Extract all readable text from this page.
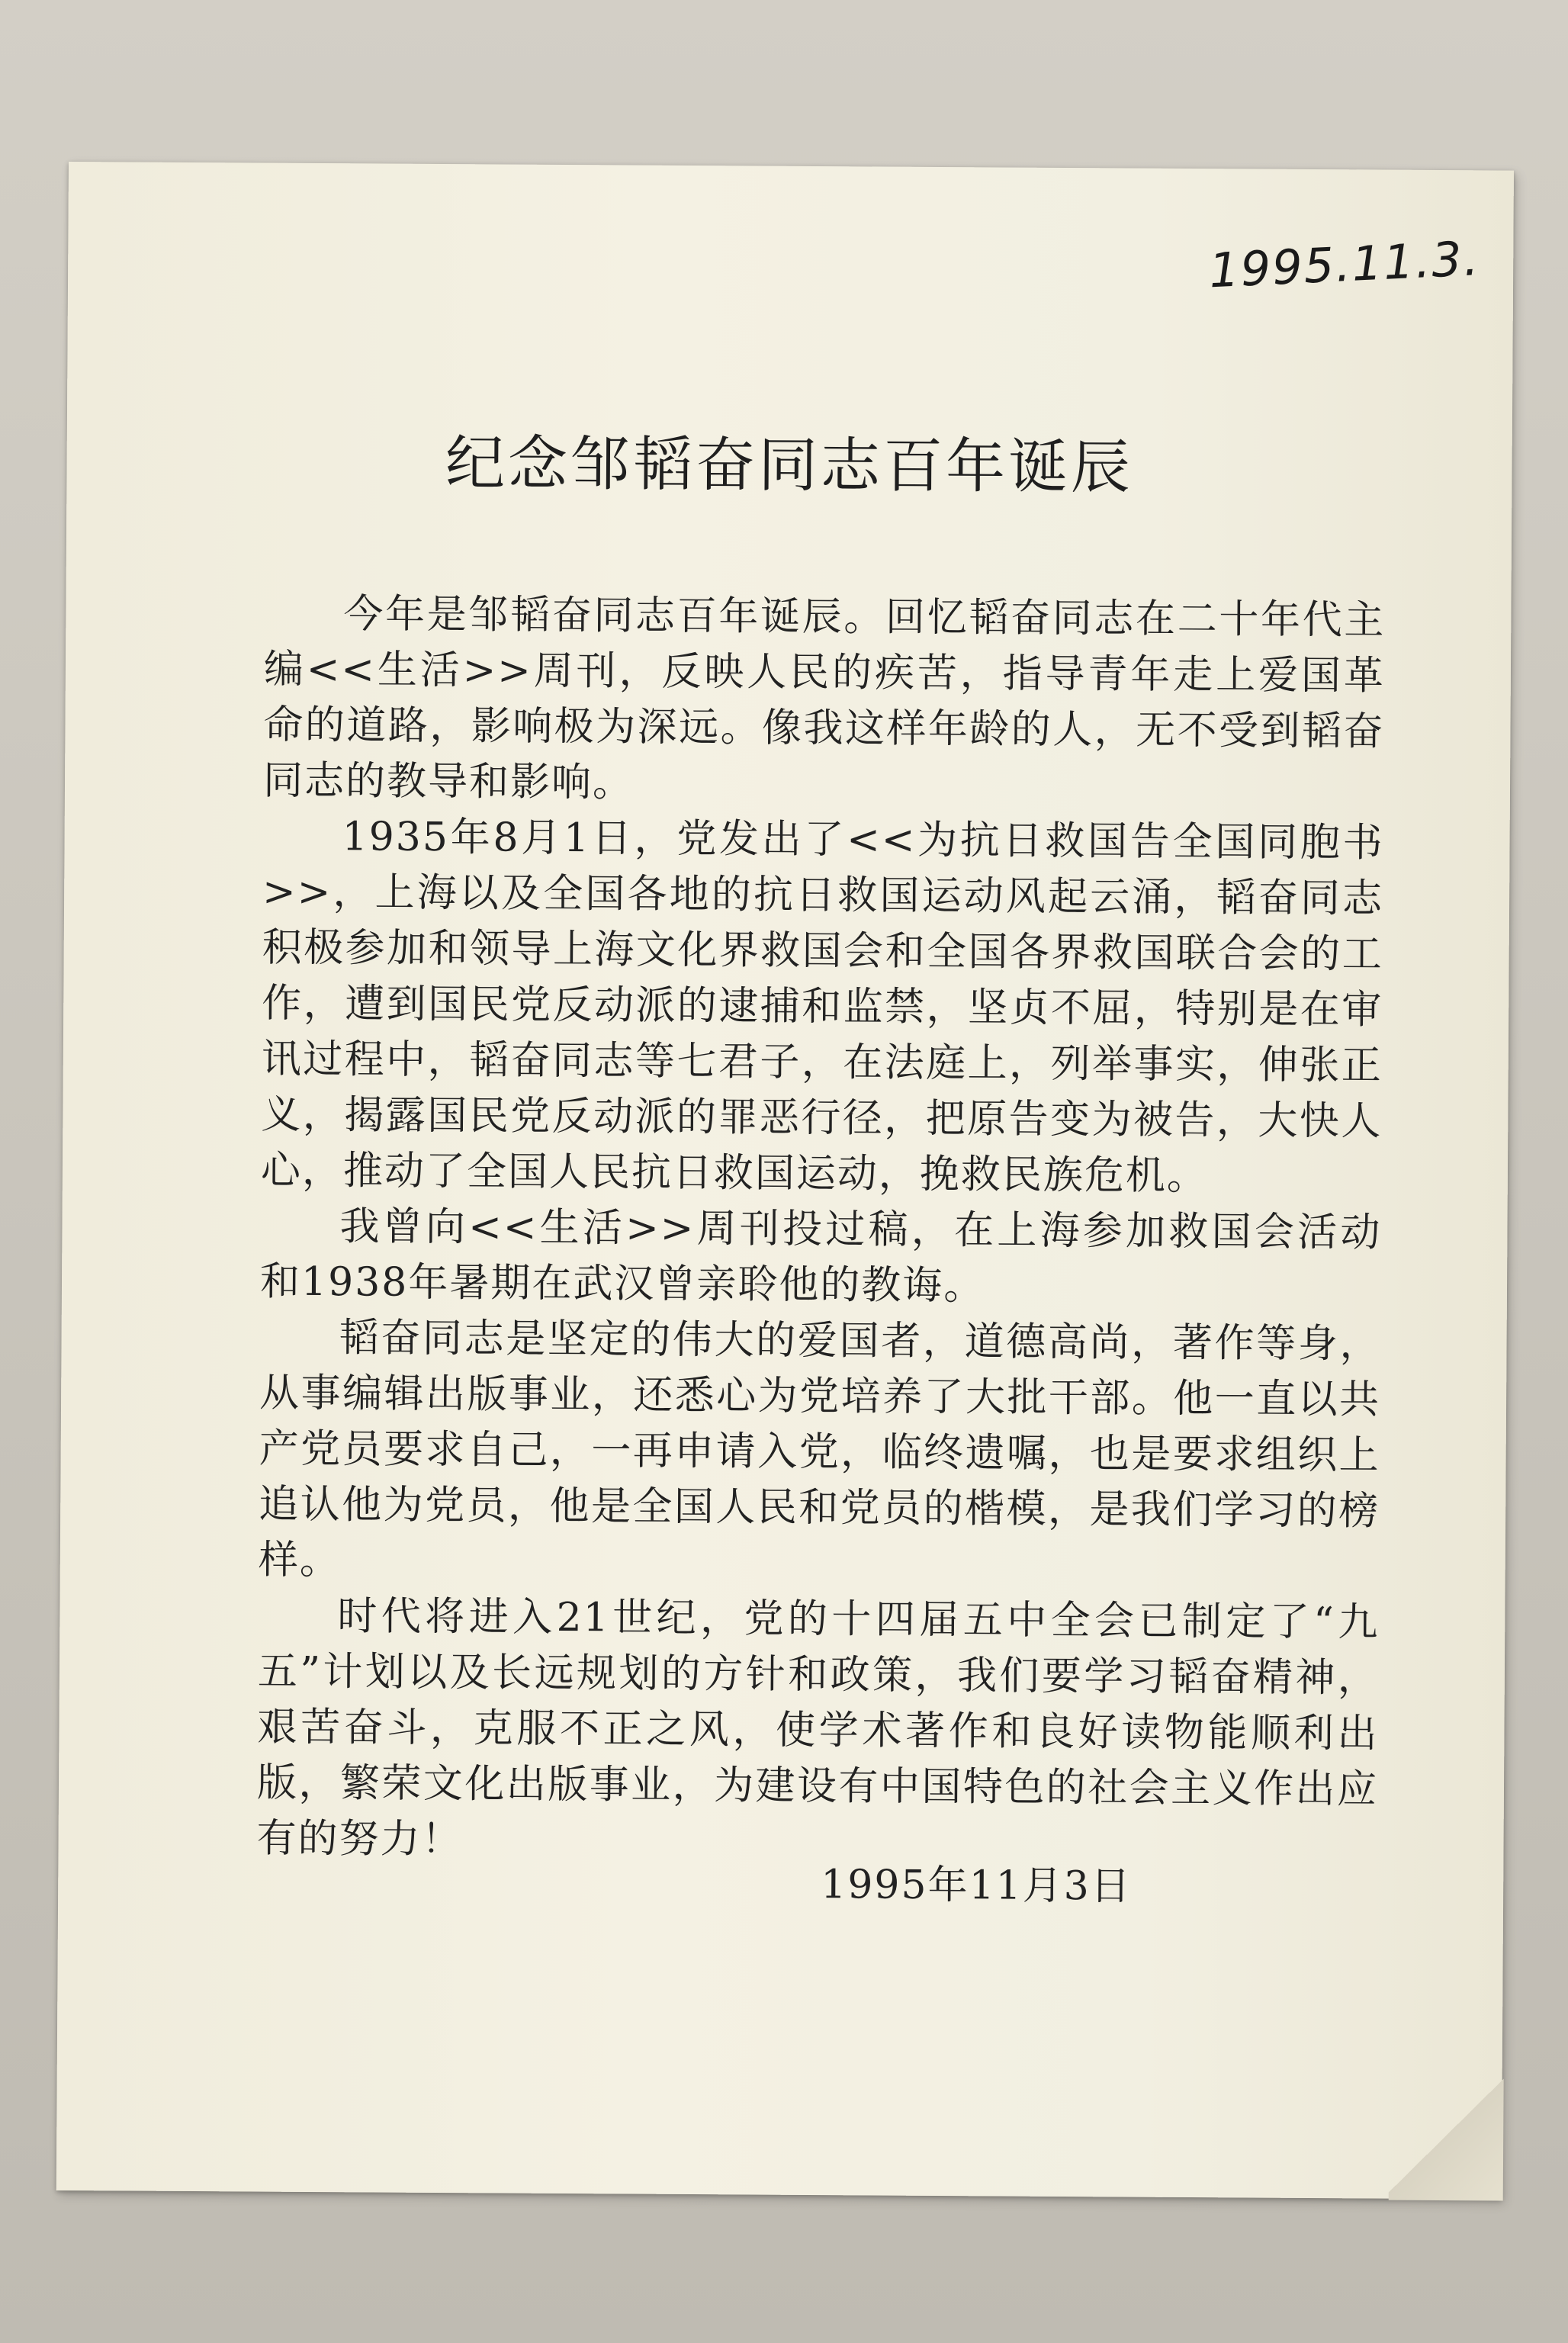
1995.11.3.
纪念邹韬奋同志百年诞辰

今年是邹韬奋同志百年诞辰。回忆韬奋同志在二十年代主编<<生活>>周刊，反映人民的疾苦，指导青年走上爱国革命的道路，影响极为深远。像我这样年龄的人，无不受到韬奋同志的教导和影响。

1935年8月1日，党发出了<<为抗日救国告全国同胞书>>，上海以及全国各地的抗日救国运动风起云涌，韬奋同志积极参加和领导上海文化界救国会和全国各界救国联合会的工作，遭到国民党反动派的逮捕和监禁，坚贞不屈，特别是在审讯过程中，韬奋同志等七君子，在法庭上，列举事实，伸张正义，揭露国民党反动派的罪恶行径，把原告变为被告，大快人心，推动了全国人民抗日救国运动，挽救民族危机。

我曾向<<生活>>周刊投过稿，在上海参加救国会活动和1938年暑期在武汉曾亲聆他的教诲。

韬奋同志是坚定的伟大的爱国者，道德高尚，著作等身，从事编辑出版事业，还悉心为党培养了大批干部。他一直以共产党员要求自己，一再申请入党，临终遗嘱，也是要求组织上追认他为党员，他是全国人民和党员的楷模，是我们学习的榜样。

时代将进入21世纪，党的十四届五中全会已制定了“九五”计划以及长远规划的方针和政策，我们要学习韬奋精神，艰苦奋斗，克服不正之风，使学术著作和良好读物能顺利出版，繁荣文化出版事业，为建设有中国特色的社会主义作出应有的努力！

1995年11月3日
